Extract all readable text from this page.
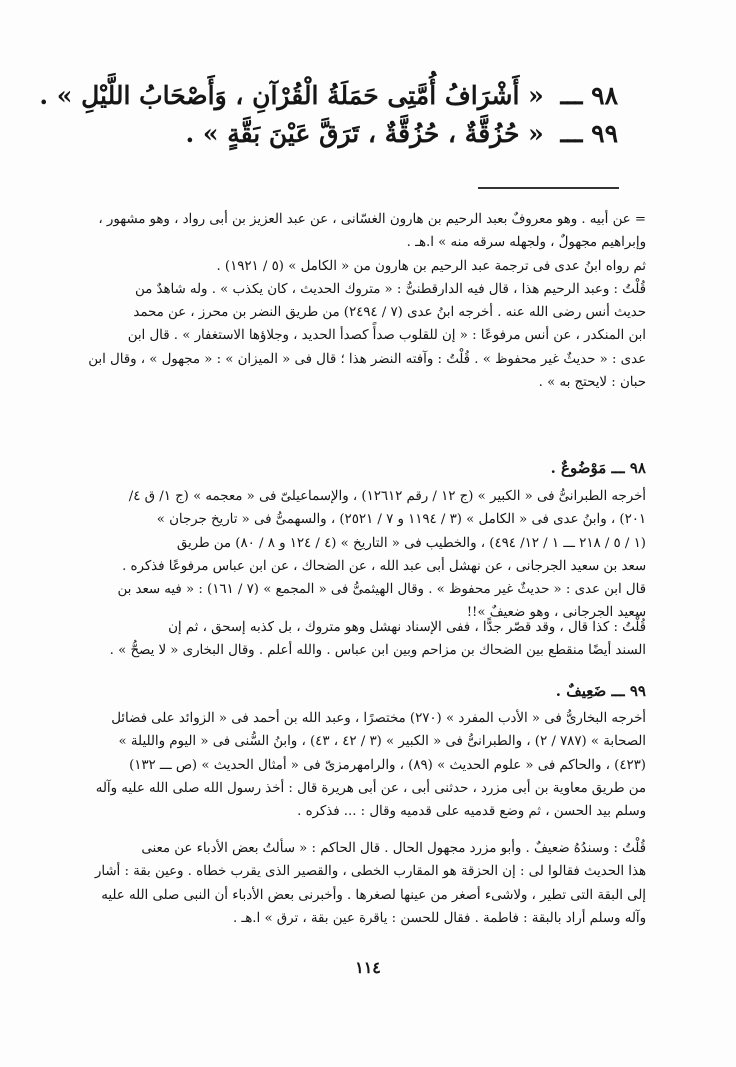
٩٨ ـــ « أَشْرَافُ أُمَّتِى حَمَلَةُ الْقُرْآنِ ، وَأَصْحَابُ اللَّيْلِ » .
٩٩ ـــ « حُزُقَّةٌ ، حُزُقَّةٌ ، تَرَقَّ عَيْنَ بَقَّةٍ » .
= عن أبيه . وهو معروفٌ بعبد الرحيم بن هارون الغسّانى ، عن عبد العزيز بن أبى رواد ، وهو مشهور ،
وإبراهيم مجهولٌ ، ولجهله سرقه منه » ا.هـ .
ثم رواه ابنُ عدى فى ترجمة عبد الرحيم بن هارون من « الكامل » (٥ / ١٩٢١) .
قُلْتُ : وعبد الرحيم هذا ، قال فيه الدارقطنىُّ : « متروك الحديث ، كان يكذب » . وله شاهدٌ من
حديث أنس رضى الله عنه . أخرجه ابنُ عدى (٧ / ٢٤٩٤) من طريق النضر بن محرز ، عن محمد
ابن المنكدر ، عن أنس مرفوعًا : « إن للقلوب صدأً كصدأ الحديد ، وجلاؤها الاستغفار » . قال ابن
عدى : « حديثٌ غير محفوظ » . قُلْتُ : وآفته النضر هذا ؛ قال فى « الميزان » : « مجهول » ، وقال ابن
حبان : لايحتج به » .
٩٨ ـــ مَوْضُوعٌ .
أخرجه الطبرانىُّ فى « الكبير » (ج ١٢ / رقم ١٢٦١٢) ، والإسماعيلىّ فى « معجمه » (ج ١/ ق ٤/
٢٠١) ، وابنُ عدى فى « الكامل » (٣ / ١١٩٤ و ٧ / ٢٥٢١) ، والسهمىُّ فى « تاريخ جرجان »
(١ / ٥ / ٢١٨ ـــ ١ / ١٢/ ٤٩٤) ، والخطيب فى « التاريخ » (٤ / ١٢٤ و ٨ / ٨٠) من طريق
سعد بن سعيد الجرجانى ، عن نهشل أبى عبد الله ، عن الضحاك ، عن ابن عباس مرفوعًا فذكره .
قال ابن عدى : « حديثٌ غير محفوظ » . وقال الهيثمىُّ فى « المجمع » (٧ / ١٦١) : « فيه سعد بن
سعيد الجرجانى ، وهو ضعيفٌ »!!
قُلْتُ : كذا قال ، وقد قصّر جدًّا ، ففى الإسناد نهشل وهو متروك ، بل كذبه إسحق ، ثم إن
السند أيضًا منقطع بين الضحاك بن مزاحم وبين ابن عباس . والله أعلم . وقال البخارى « لا يصحُّ » .
٩٩ ـــ ضَعِيفٌ .
أخرجه البخارىُّ فى « الأدب المفرد » (٢٧٠) مختصرًا ، وعبد الله بن أحمد فى « الزوائد على فضائل
الصحابة » (٧٨٧ / ٢) ، والطبرانىُّ فى « الكبير » (٣ / ٤٢ ، ٤٣) ، وابنُ السُّنى فى « اليوم والليلة »
(٤٢٣) ، والحاكم فى « علوم الحديث » (٨٩) ، والرامهرمزىّ فى « أمثال الحديث » (ص ـــ ١٣٢)
من طريق معاوية بن أبى مزرد ، حدثنى أبى ، عن أبى هريرة قال : أخذ رسول الله صلى الله عليه وآله
وسلم بيد الحسن ، ثم وضع قدميه على قدميه وقال : ... فذكره .
قُلْتُ : وسندُهُ ضعيفٌ . وأبو مزرد مجهول الحال . قال الحاكم : « سألتُ بعض الأدباء عن معنى
هذا الحديث فقالوا لى : إن الحزقة هو المقارب الخطى ، والقصير الذى يقرب خطاه . وعين بقة : أشار
إلى البقة التى تطير ، ولاشىء أصغر من عينها لصغرها . وأخبرنى بعض الأدباء أن النبى صلى الله عليه
وآله وسلم أراد بالبقة : فاطمة . فقال للحسن : ياقرة عين بقة ، ترق » ا.هـ .
١١٤
